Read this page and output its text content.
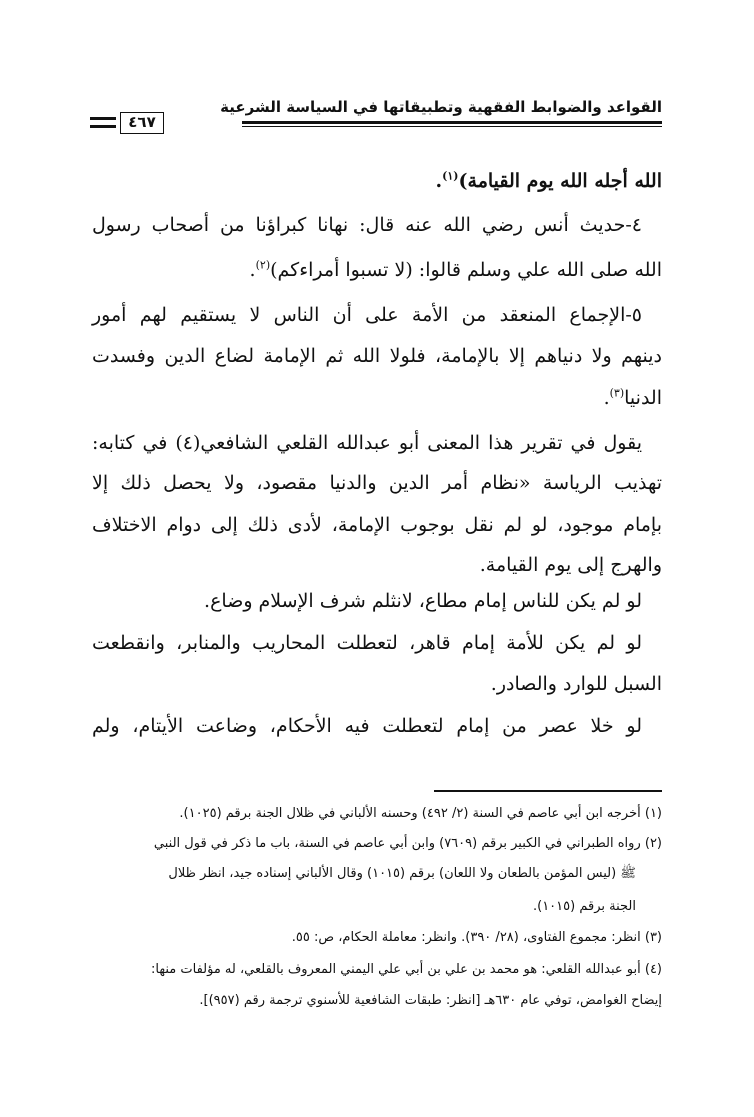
القواعد والضوابط الفقهية وتطبيقاتها في السياسة الشرعية
٤٦٧
الله أجله الله يوم القيامة)$^{(١)}$.
٤-حديث أنس رضي الله عنه قال: نهانا كبراؤنا من أصحاب رسول
الله صلى الله علي وسلم قالوا: (لا تسبوا أمراءكم)$^{(٢)}$.
٥-الإجماع المنعقد من الأمة على أن الناس لا يستقيم لهم أمور
دينهم ولا دنياهم إلا بالإمامة، فلولا الله ثم الإمامة لضاع الدين وفسدت
الدنيا$^{(٣)}$.
يقول في تقرير هذا المعنى أبو عبدالله القلعي الشافعي(٤) في كتابه:
تهذيب الرياسة «نظام أمر الدين والدنيا مقصود، ولا يحصل ذلك إلا
بإمام موجود، لو لم نقل بوجوب الإمامة، لأدى ذلك إلى دوام الاختلاف
والهرج إلى يوم القيامة.
لو لم يكن للناس إمام مطاع، لانثلم شرف الإسلام وضاع.
لو لم يكن للأمة إمام قاهر، لتعطلت المحاريب والمنابر، وانقطعت
السبل للوارد والصادر.
لو خلا عصر من إمام لتعطلت فيه الأحكام، وضاعت الأيتام، ولم
(١) أخرجه ابن أبي عاصم في السنة (٢/ ٤٩٢) وحسنه الألباني في ظلال الجنة برقم (١٠٢٥).
(٢) رواه الطبراني في الكبير برقم (٧٦٠٩) وابن أبي عاصم في السنة، باب ما ذكر في قول النبي
ﷺ (ليس المؤمن بالطعان ولا اللعان) برقم (١٠١٥) وقال الألباني إسناده جيد، انظر ظلال
الجنة برقم (١٠١٥).
(٣) انظر: مجموع الفتاوى، (٢٨/ ٣٩٠). وانظر: معاملة الحكام، ص: ٥٥.
(٤) أبو عبدالله القلعي: هو محمد بن علي بن أبي علي اليمني المعروف بالقلعي، له مؤلفات منها:
إيضاح الغوامض، توفي عام ٦٣٠هـ [انظر: طبقات الشافعية للأسنوي ترجمة رقم (٩٥٧)].
